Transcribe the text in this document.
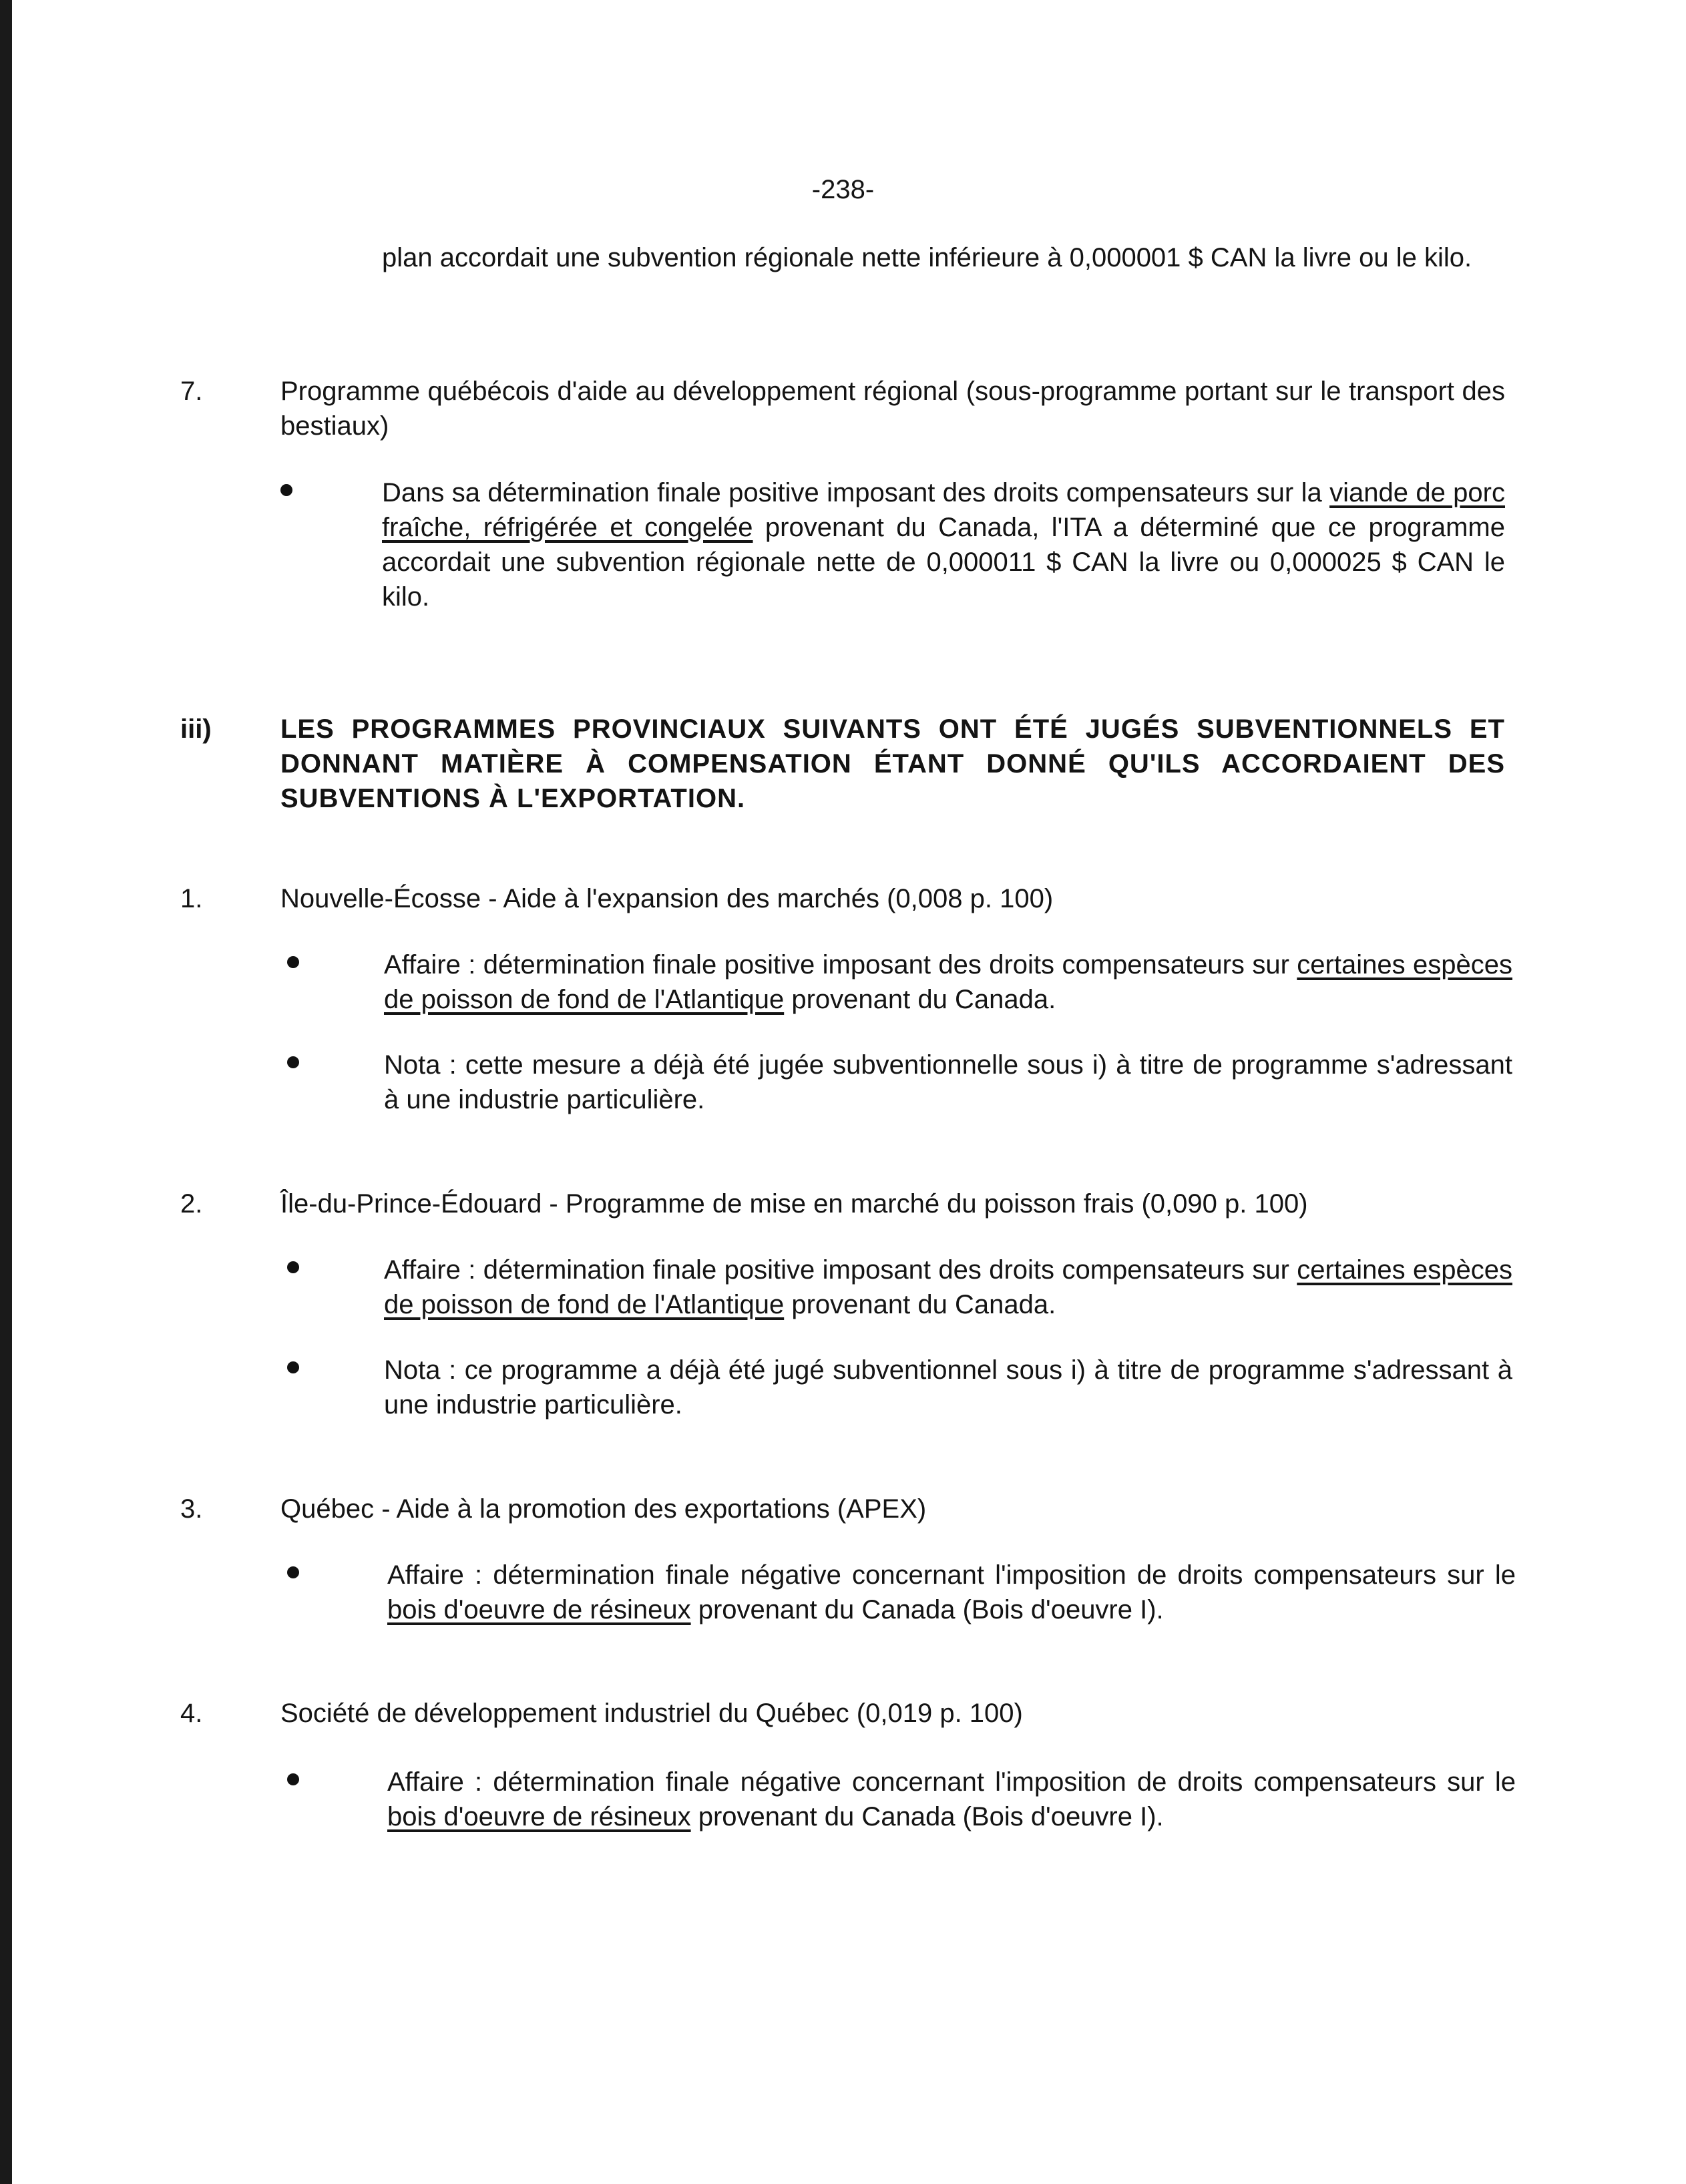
-238-
plan accordait une subvention régionale nette inférieure à 0,000001 $ CAN la livre ou le kilo.
7.	Programme québécois d'aide au développement régional (sous-programme portant sur le transport des bestiaux)
Dans sa détermination finale positive imposant des droits compensateurs sur la viande de porc fraîche, réfrigérée et congelée provenant du Canada, l'ITA a déterminé que ce programme accordait une subvention régionale nette de 0,000011 $ CAN la livre ou 0,000025 $ CAN le kilo.
iii)	LES PROGRAMMES PROVINCIAUX SUIVANTS ONT ÉTÉ JUGÉS SUBVENTIONNELS ET DONNANT MATIÈRE À COMPENSATION ÉTANT DONNÉ QU'ILS ACCORDAIENT DES SUBVENTIONS À L'EXPORTATION.
1.	Nouvelle-Écosse - Aide à l'expansion des marchés (0,008 p. 100)
Affaire : détermination finale positive imposant des droits compensateurs sur certaines espèces de poisson de fond de l'Atlantique provenant du Canada.
Nota : cette mesure a déjà été jugée subventionnelle sous i) à titre de programme s'adressant à une industrie particulière.
2.	Île-du-Prince-Édouard - Programme de mise en marché du poisson frais (0,090 p. 100)
Affaire : détermination finale positive imposant des droits compensateurs sur certaines espèces de poisson de fond de l'Atlantique provenant du Canada.
Nota : ce programme a déjà été jugé subventionnel sous i) à titre de programme s'adressant à une industrie particulière.
3.	Québec - Aide à la promotion des exportations (APEX)
Affaire : détermination finale négative concernant l'imposition de droits compensateurs sur le bois d'oeuvre de résineux provenant du Canada (Bois d'oeuvre I).
4.	Société de développement industriel du Québec (0,019 p. 100)
Affaire : détermination finale négative concernant l'imposition de droits compensateurs sur le bois d'oeuvre de résineux provenant du Canada (Bois d'oeuvre I).
